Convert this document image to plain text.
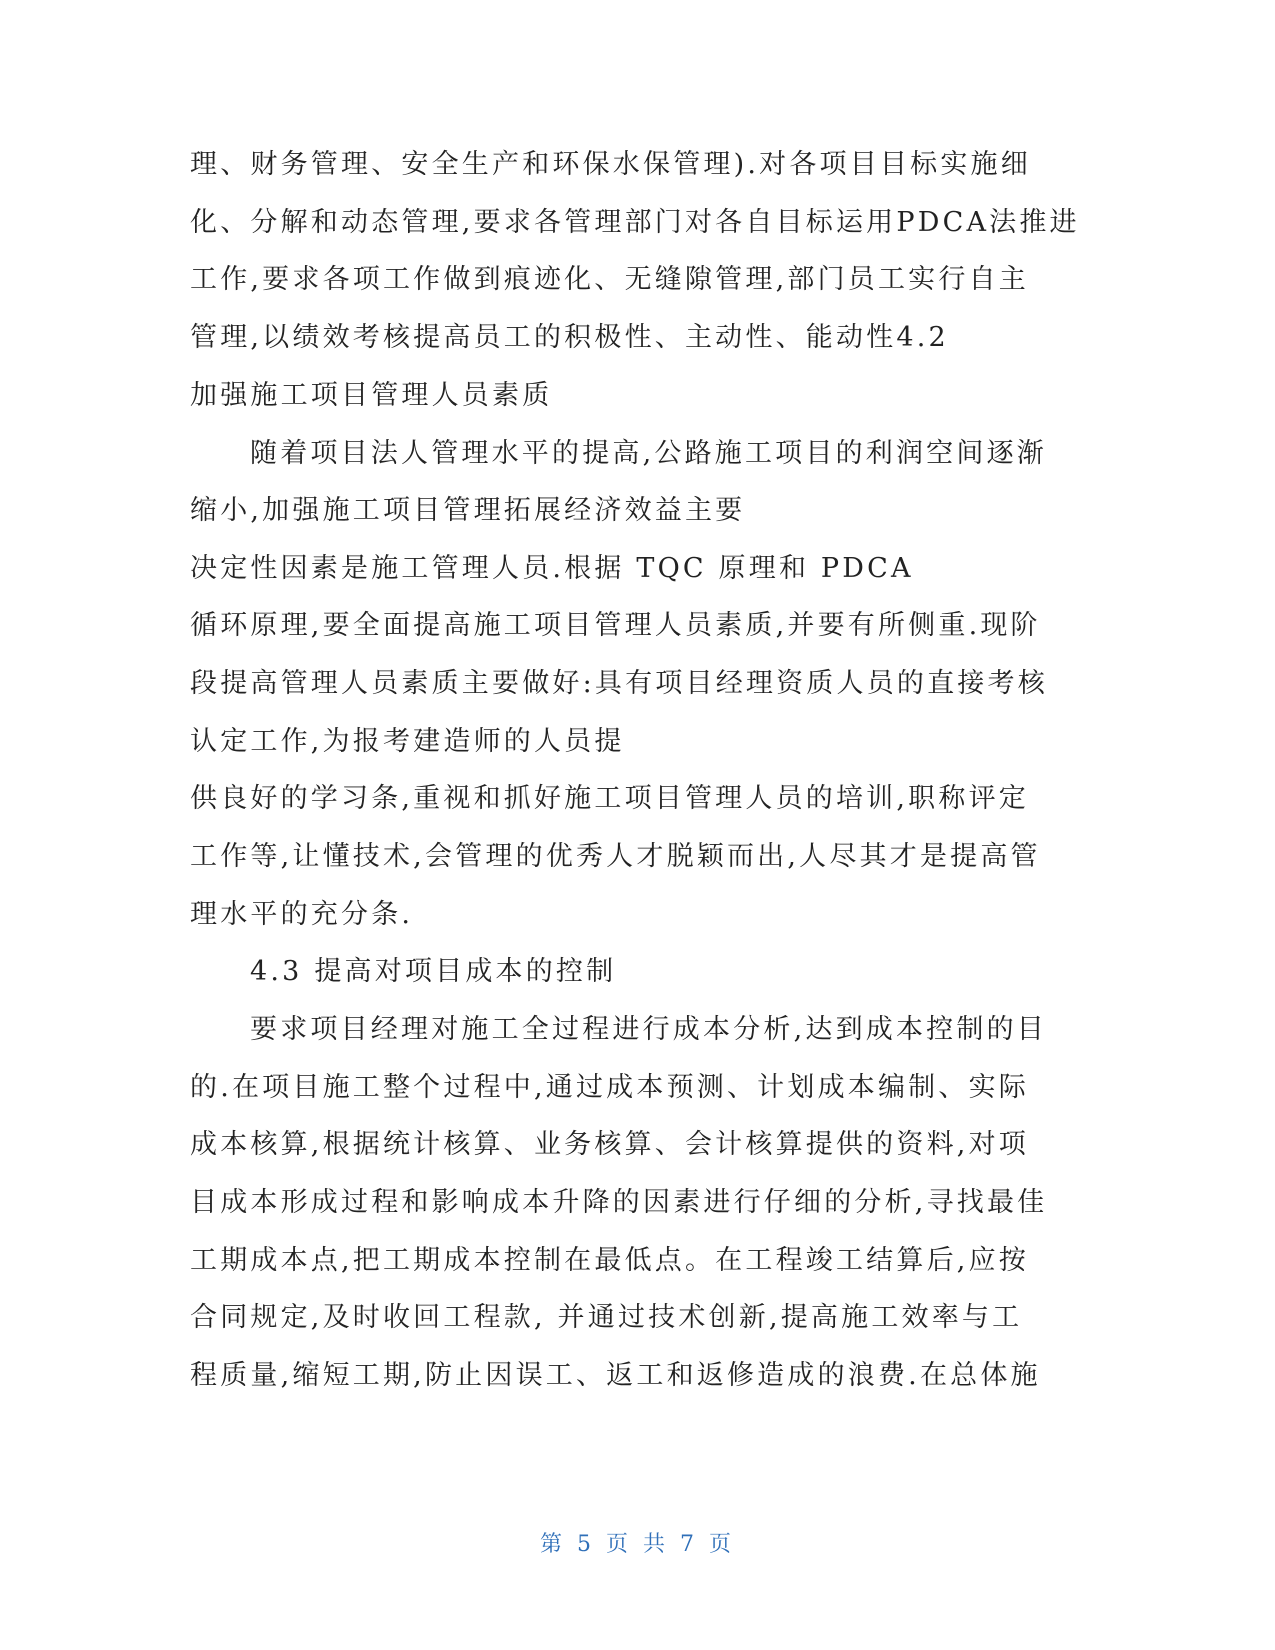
理、财务管理、安全生产和环保水保管理).对各项目目标实施细
化、分解和动态管理,要求各管理部门对各自目标运用PDCA法推进
工作,要求各项工作做到痕迹化、无缝隙管理,部门员工实行自主
管理,以绩效考核提高员工的积极性、主动性、能动性4.2
加强施工项目管理人员素质
随着项目法人管理水平的提高,公路施工项目的利润空间逐渐
缩小,加强施工项目管理拓展经济效益主要
决定性因素是施工管理人员.根据 TQC 原理和 PDCA
循环原理,要全面提高施工项目管理人员素质,并要有所侧重.现阶
段提高管理人员素质主要做好:具有项目经理资质人员的直接考核
认定工作,为报考建造师的人员提
供良好的学习条,重视和抓好施工项目管理人员的培训,职称评定
工作等,让懂技术,会管理的优秀人才脱颖而出,人尽其才是提高管
理水平的充分条.
4.3 提高对项目成本的控制
要求项目经理对施工全过程进行成本分析,达到成本控制的目
的.在项目施工整个过程中,通过成本预测、计划成本编制、实际
成本核算,根据统计核算、业务核算、会计核算提供的资料,对项
目成本形成过程和影响成本升降的因素进行仔细的分析,寻找最佳
工期成本点,把工期成本控制在最低点。在工程竣工结算后,应按
合同规定,及时收回工程款, 并通过技术创新,提高施工效率与工
程质量,缩短工期,防止因误工、返工和返修造成的浪费.在总体施
第 5 页 共 7 页
